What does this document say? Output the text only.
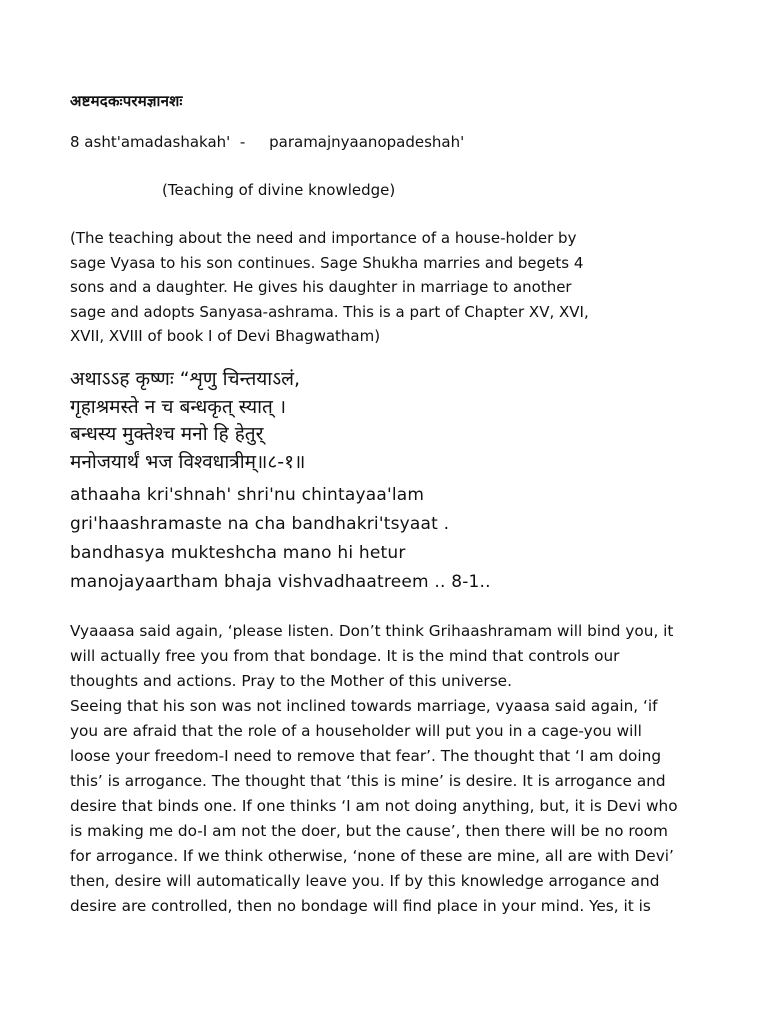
अष्टमदकःपरमज्ञानशः
8 asht'amadashakah' - paramajnyaanopadeshah'
(Teaching of divine knowledge)
(The teaching about the need and importance of a house-holder by
sage Vyasa to his son continues. Sage Shukha marries and begets 4
sons and a daughter. He gives his daughter in marriage to another
sage and adopts Sanyasa-ashrama. This is a part of Chapter XV, XVI,
XVII, XVIII of book I of Devi Bhagwatham)
अथाऽऽह कृष्णः “शृणु चिन्तयाऽलं,
गृहाश्रमस्ते न च बन्धकृत् स्यात् ।
बन्धस्य मुक्तेश्च मनो हि हेतुर्
मनोजयार्थं भज विश्वधात्रीम्॥८-१॥
athaaha kri'shnah' shri'nu chintayaa'lam
gri'haashramaste na cha bandhakri'tsyaat .
bandhasya mukteshcha mano hi hetur
manojayaartham bhaja vishvadhaatreem .. 8-1..

Vyaaasa said again, ‘please listen. Don’t think Grihaashramam will bind you, it
will actually free you from that bondage. It is the mind that controls our
thoughts and actions. Pray to the Mother of this universe.

Seeing that his son was not inclined towards marriage, vyaasa said again, ‘if
you are afraid that the role of a householder will put you in a cage-you will
loose your freedom-I need to remove that fear’. The thought that ‘I am doing
this’ is arrogance. The thought that ‘this is mine’ is desire. It is arrogance and
desire that binds one. If one thinks ‘I am not doing anything, but, it is Devi who
is making me do-I am not the doer, but the cause’, then there will be no room
for arrogance. If we think otherwise, ‘none of these are mine, all are with Devi’
then, desire will automatically leave you. If by this knowledge arrogance and
desire are controlled, then no bondage will find place in your mind. Yes, it is
